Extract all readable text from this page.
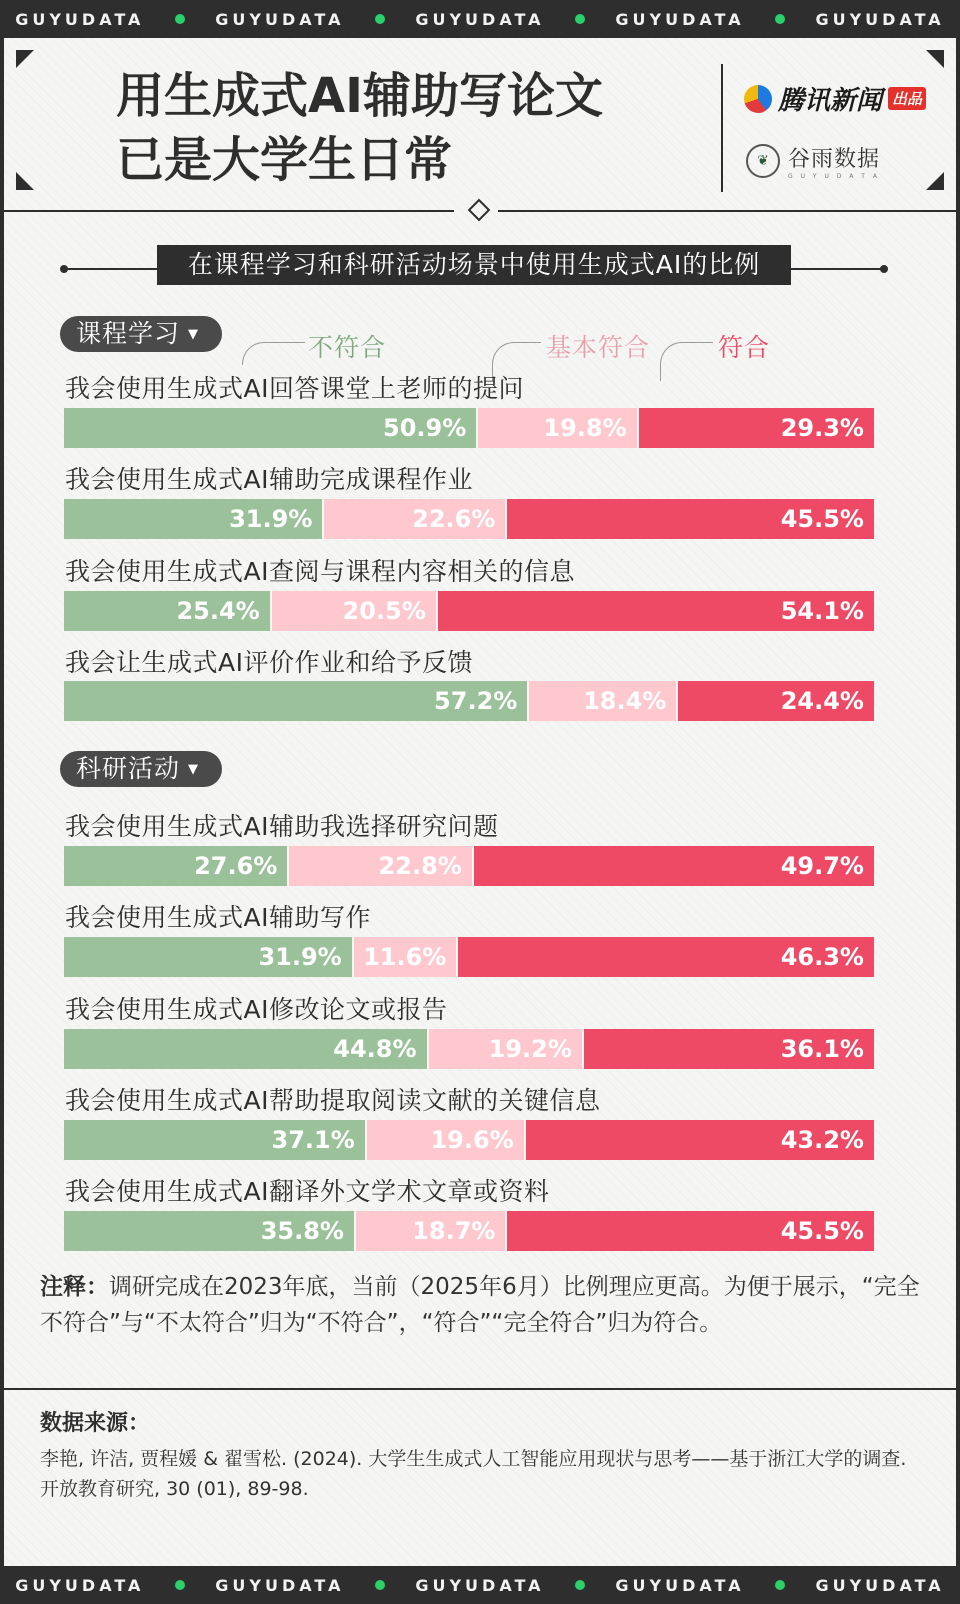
GUYUDATA	GUYUDATA	GUYUDATA	GUYUDATA	GUYUDATA
用生成式AI辅助写论文
已是大学生日常
腾讯新闻 出品
❦ 谷雨数据
G U Y U D A T A
在课程学习和科研活动场景中使用生成式AI的比例
课程学习 ▼	不符合	基本符合	符合
我会使用生成式AI回答课堂上老师的提问
50.9%	19.8%	29.3%
我会使用生成式AI辅助完成课程作业
31.9%	22.6%	45.5%
我会使用生成式AI查阅与课程内容相关的信息
25.4%	20.5%	54.1%
我会让生成式AI评价作业和给予反馈
57.2%	18.4%	24.4%
科研活动 ▼
我会使用生成式AI辅助我选择研究问题
27.6%	22.8%	49.7%
我会使用生成式AI辅助写作
31.9% 11.6%	46.3%
我会使用生成式AI修改论文或报告
44.8%	19.2%	36.1%
我会使用生成式AI帮助提取阅读文献的关键信息
37.1%	19.6%	43.2%
我会使用生成式AI翻译外文学术文章或资料
35.8%	18.7%	45.5%
注释：调研完成在2023年底，当前（2025年6月）比例理应更高。为便于展示，“完全不符合”与“不太符合”归为“不符合”，“符合”“完全符合”归为符合。
数据来源：
李艳, 许洁, 贾程媛 & 翟雪松. (2024). 大学生生成式人工智能应用现状与思考——基于浙江大学的调查. 开放教育研究, 30 (01), 89-98.
GUYUDATA	GUYUDATA	GUYUDATA	GUYUDATA	GUYUDATA
